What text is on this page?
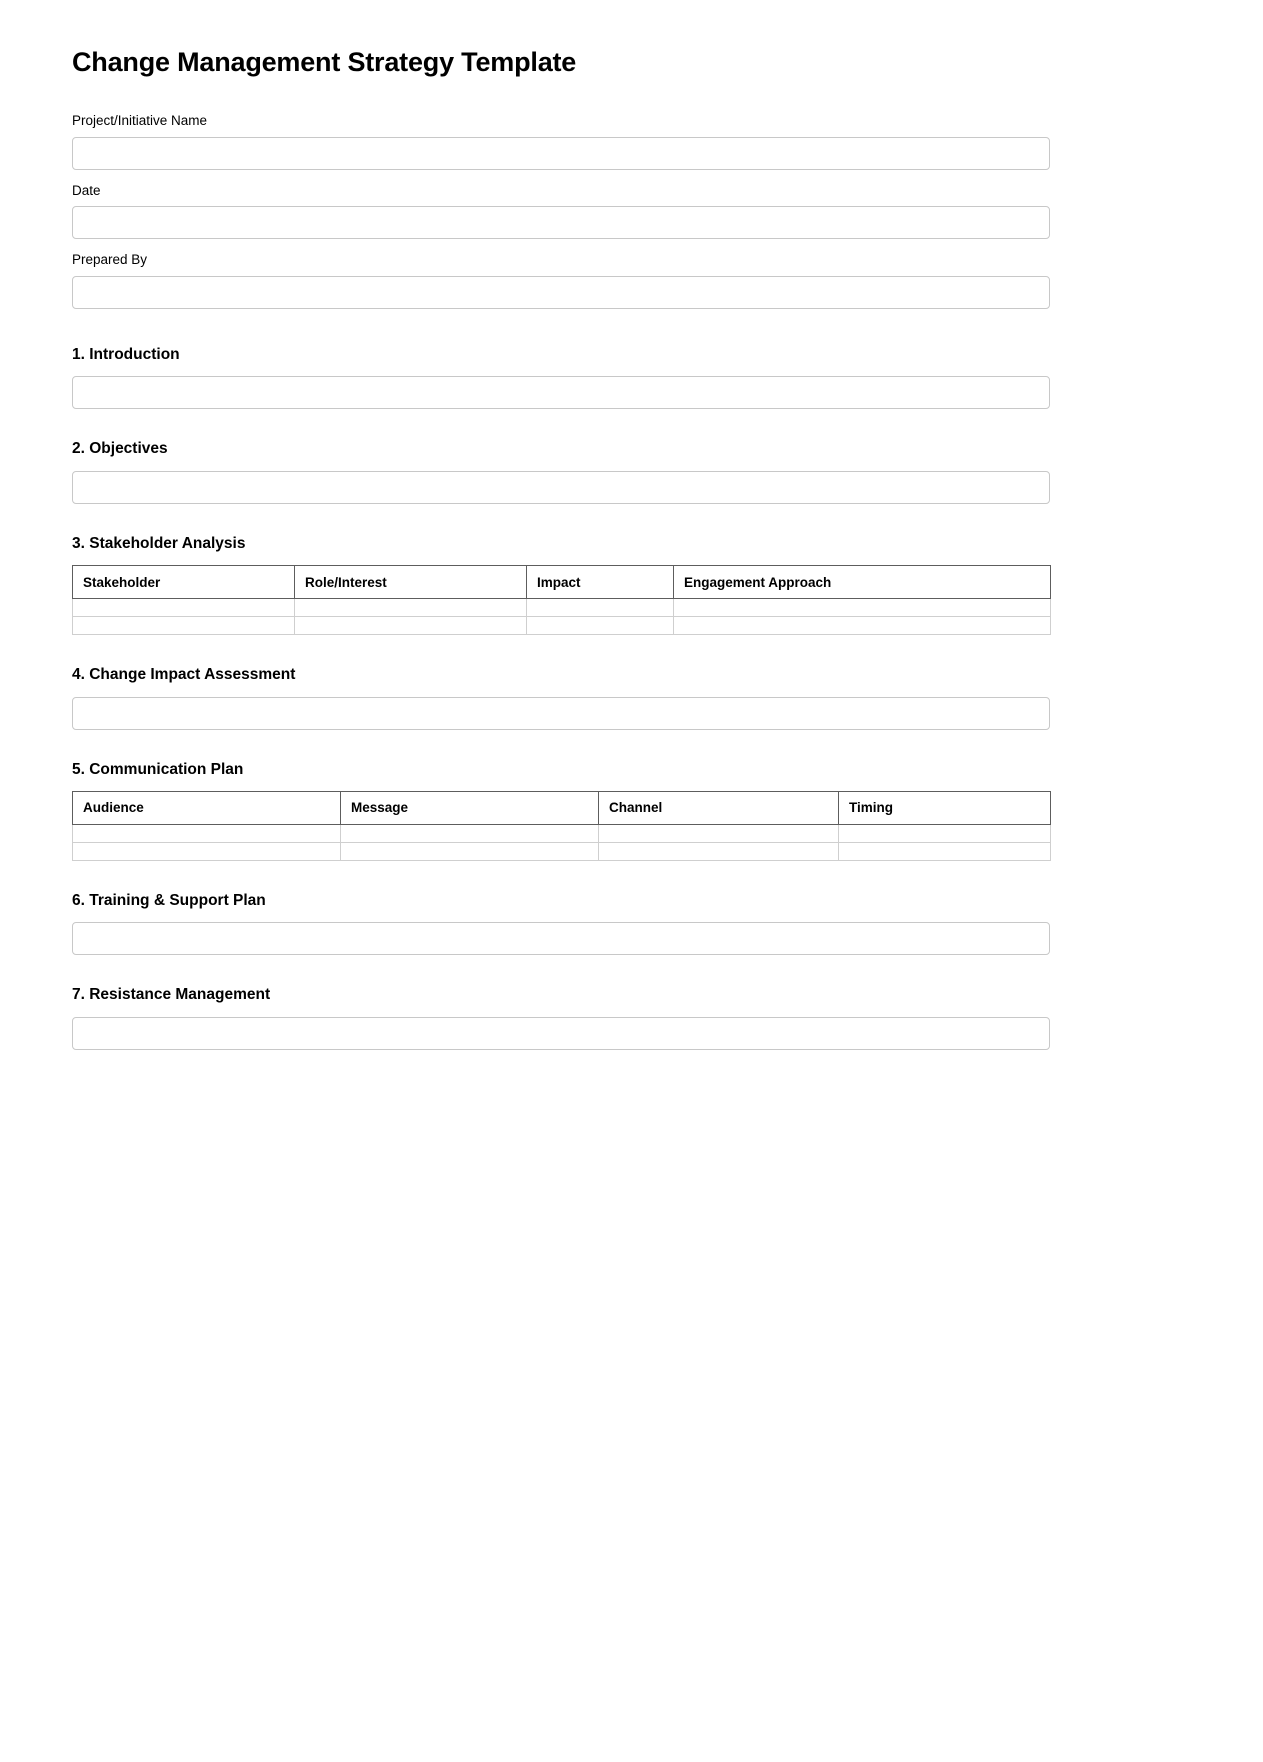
Change Management Strategy Template
Project/Initiative Name
Date
Prepared By
1. Introduction
2. Objectives
3. Stakeholder Analysis
Stakeholder	Role/Interest	Impact	Engagement Approach

4. Change Impact Assessment
5. Communication Plan
Audience	Message	Channel	Timing

6. Training & Support Plan
7. Resistance Management
